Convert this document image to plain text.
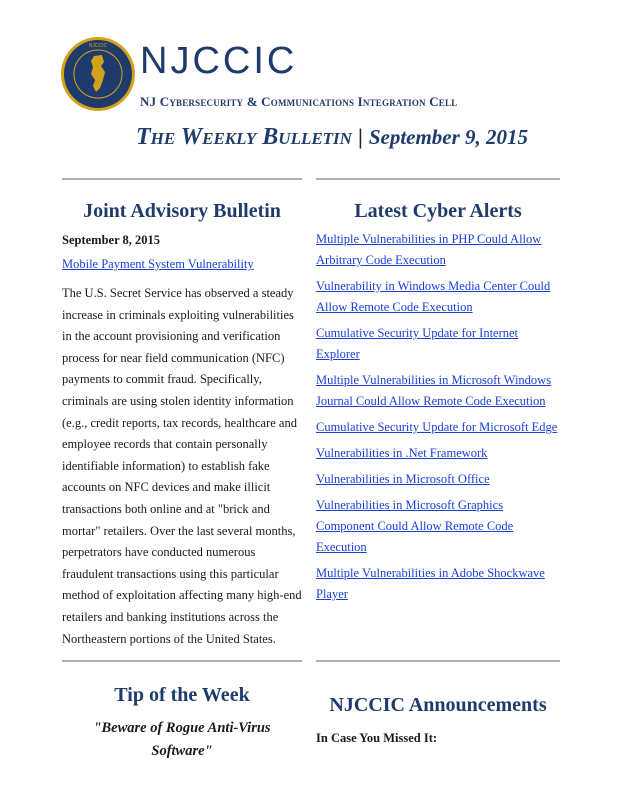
NJCCIC NJCCIC
NJ Cybersecurity & Communications Integration Cell
The Weekly Bulletin | September 9, 2015
Joint Advisory Bulletin
September 8, 2015
Mobile Payment System Vulnerability
The U.S. Secret Service has observed a steady increase in criminals exploiting vulnerabilities in the account provisioning and verification process for near field communication (NFC) payments to commit fraud. Specifically, criminals are using stolen identity information (e.g., credit reports, tax records, healthcare and employee records that contain personally identifiable information) to establish fake accounts on NFC devices and make illicit transactions both online and at "brick and mortar" retailers. Over the last several months, perpetrators have conducted numerous fraudulent transactions using this particular method of exploitation affecting many high-end retailers and banking institutions across the Northeastern portions of the United States.
Latest Cyber Alerts
Multiple Vulnerabilities in PHP Could Allow Arbitrary Code Execution
Vulnerability in Windows Media Center Could Allow Remote Code Execution
Cumulative Security Update for Internet Explorer
Multiple Vulnerabilities in Microsoft Windows Journal Could Allow Remote Code Execution
Cumulative Security Update for Microsoft Edge
Vulnerabilities in .Net Framework
Vulnerabilities in Microsoft Office
Vulnerabilities in Microsoft Graphics Component Could Allow Remote Code Execution
Multiple Vulnerabilities in Adobe Shockwave Player
Tip of the Week
"Beware of Rogue Anti-Virus Software"
NJCCIC Announcements
In Case You Missed It:
